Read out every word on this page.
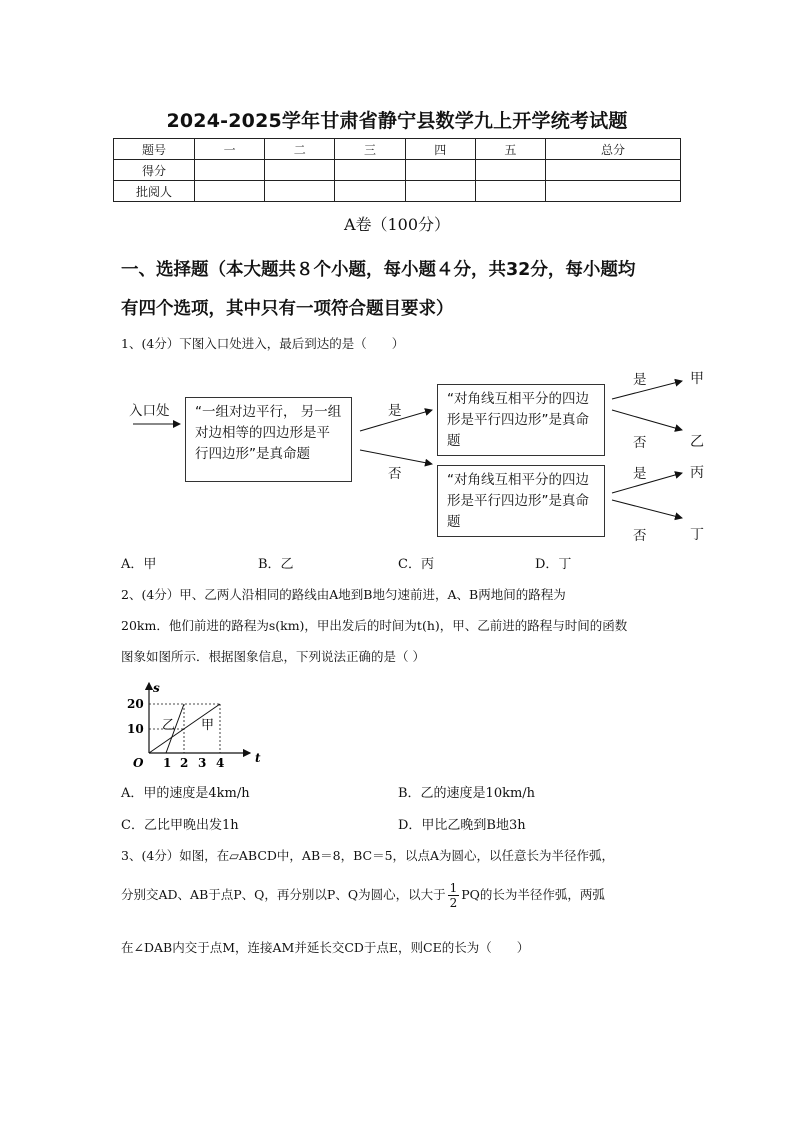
2024-2025学年甘肃省静宁县数学九上开学统考试题
题号	一	二	三	四	五	总分
得分						
批阅人						
A卷（100分）
一、选择题（本大题共８个小题，每小题４分，共32分，每小题均
有四个选项，其中只有一项符合题目要求）
1、(4分）下图入口处进入，最后到达的是（　　）
入口处	“一组对边平行， 另一组对边相等的四边形是平行四边形”是真命题
“对角线互相平分的四边形是平行四边形”是真命题
“对角线互相平分的四边形是平行四边形”是真命题
是
否
是
否
是
否
甲
乙
丙
丁
A．甲	B．乙	C．丙	D．丁
2、(4分）甲、乙两人沿相同的路线由A地到B地匀速前进，A、B两地间的路程为
20km．他们前进的路程为s(km)，甲出发后的时间为t(h)，甲、乙前进的路程与时间的函数
图象如图所示．根据图象信息，下列说法正确的是（ ）
s
t
O
20
10
1 2 3 4
乙 甲
A．甲的速度是4km/h	B．乙的速度是10km/h
C．乙比甲晚出发1h	D．甲比乙晚到B地3h
3、(4分）如图，在▱ABCD中，AB＝8，BC＝5，以点A为圆心，以任意长为半径作弧，
分别交AD、AB于点P、Q，再分别以P、Q为圆心，以大于 $\frac{1}{2}$ PQ的长为半径作弧，两弧
在∠DAB内交于点M，连接AM并延长交CD于点E，则CE的长为（　　）
